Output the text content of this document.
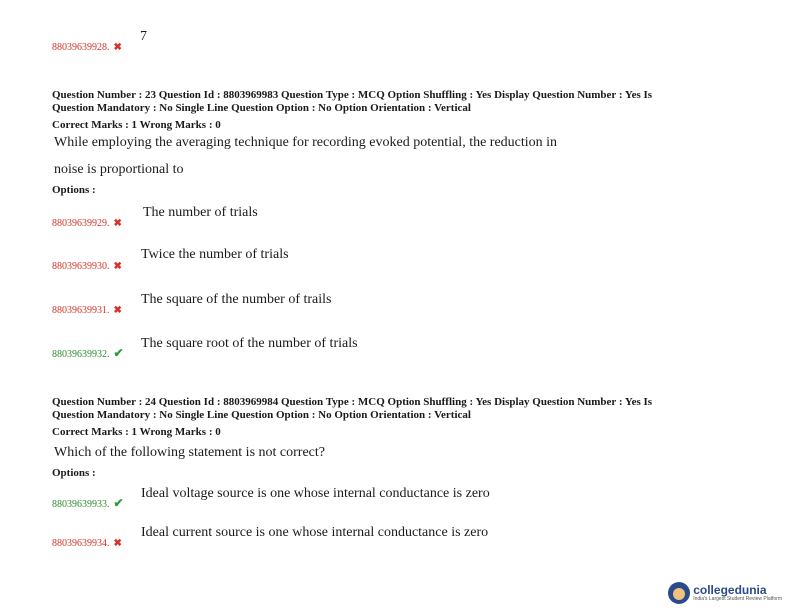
88039639928. ✖
7
Question Number : 23 Question Id : 8803969983 Question Type : MCQ Option Shuffling : Yes Display Question Number : Yes Is
Question Mandatory : No Single Line Question Option : No Option Orientation : Vertical
Correct Marks : 1 Wrong Marks : 0
While employing the averaging technique for recording evoked potential, the reduction in
noise is proportional to
Options :
88039639929. ✖
The number of trials
88039639930. ✖
Twice the number of trials
88039639931. ✖
The square of the number of trails
88039639932. ✔
The square root of the number of trials
Question Number : 24 Question Id : 8803969984 Question Type : MCQ Option Shuffling : Yes Display Question Number : Yes Is
Question Mandatory : No Single Line Question Option : No Option Orientation : Vertical
Correct Marks : 1 Wrong Marks : 0
Which of the following statement is not correct?
Options :
88039639933. ✔
Ideal voltage source is one whose internal conductance is zero
88039639934. ✖
Ideal current source is one whose internal conductance is zero
collegedunia
India's Largest Student Review Platform
